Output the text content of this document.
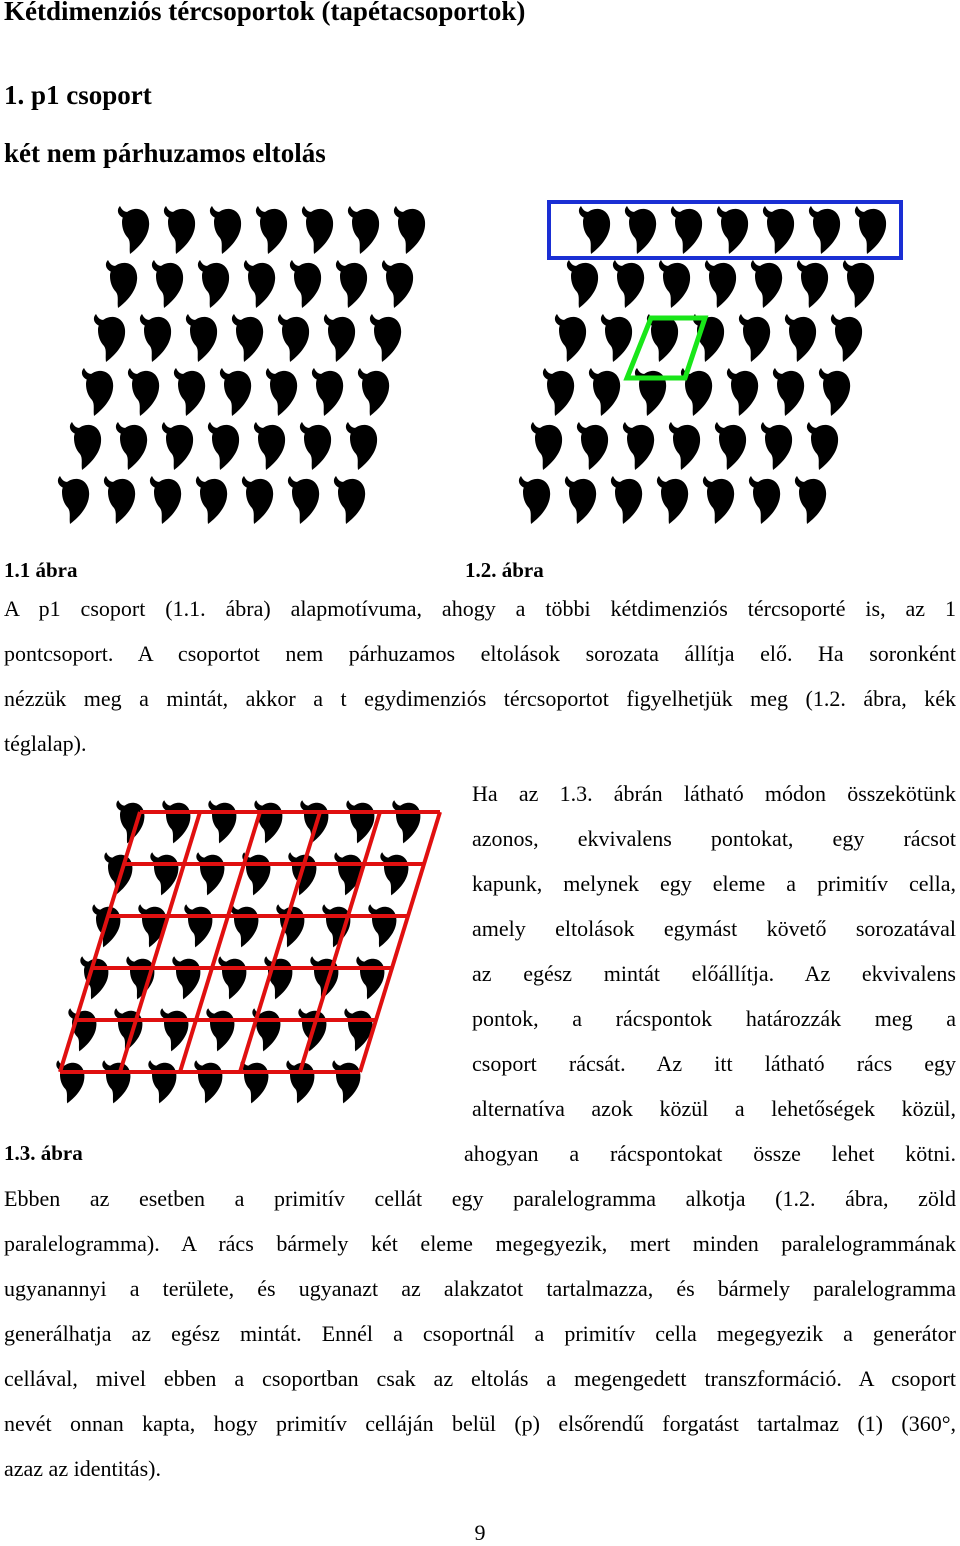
Kétdimenziós tércsoportok (tapétacsoportok)
1. p1 csoport
két nem párhuzamos eltolás
1.1 ábra	1.2. ábra
A p1 csoport (1.1. ábra) alapmotívuma, ahogy a többi kétdimenziós tércsoporté is, az 1
pontcsoport. A csoportot nem párhuzamos eltolások sorozata állítja elő. Ha soronként
nézzük meg a mintát, akkor a t egydimenziós tércsoportot figyelhetjük meg (1.2. ábra, kék
téglalap).
1.3. ábra
Ha az 1.3. ábrán látható módon összekötünk
azonos, ekvivalens pontokat, egy rácsot
kapunk, melynek egy eleme a primitív cella,
amely eltolások egymást követő sorozatával
az egész mintát előállítja. Az ekvivalens
pontok, a rácspontok határozzák meg a
csoport rácsát. Az itt látható rács egy
alternatíva azok közül a lehetőségek közül,
ahogyan a rácspontokat össze lehet kötni.
Ebben az esetben a primitív cellát egy paralelogramma alkotja (1.2. ábra, zöld
paralelogramma). A rács bármely két eleme megegyezik, mert minden paralelogrammának
ugyanannyi a területe, és ugyanazt az alakzatot tartalmazza, és bármely paralelogramma
generálhatja az egész mintát. Ennél a csoportnál a primitív cella megegyezik a generátor
cellával, mivel ebben a csoportban csak az eltolás a megengedett transzformáció. A csoport
nevét onnan kapta, hogy primitív celláján belül (p) elsőrendű forgatást tartalmaz (1) (360°,
azaz az identitás).
9
